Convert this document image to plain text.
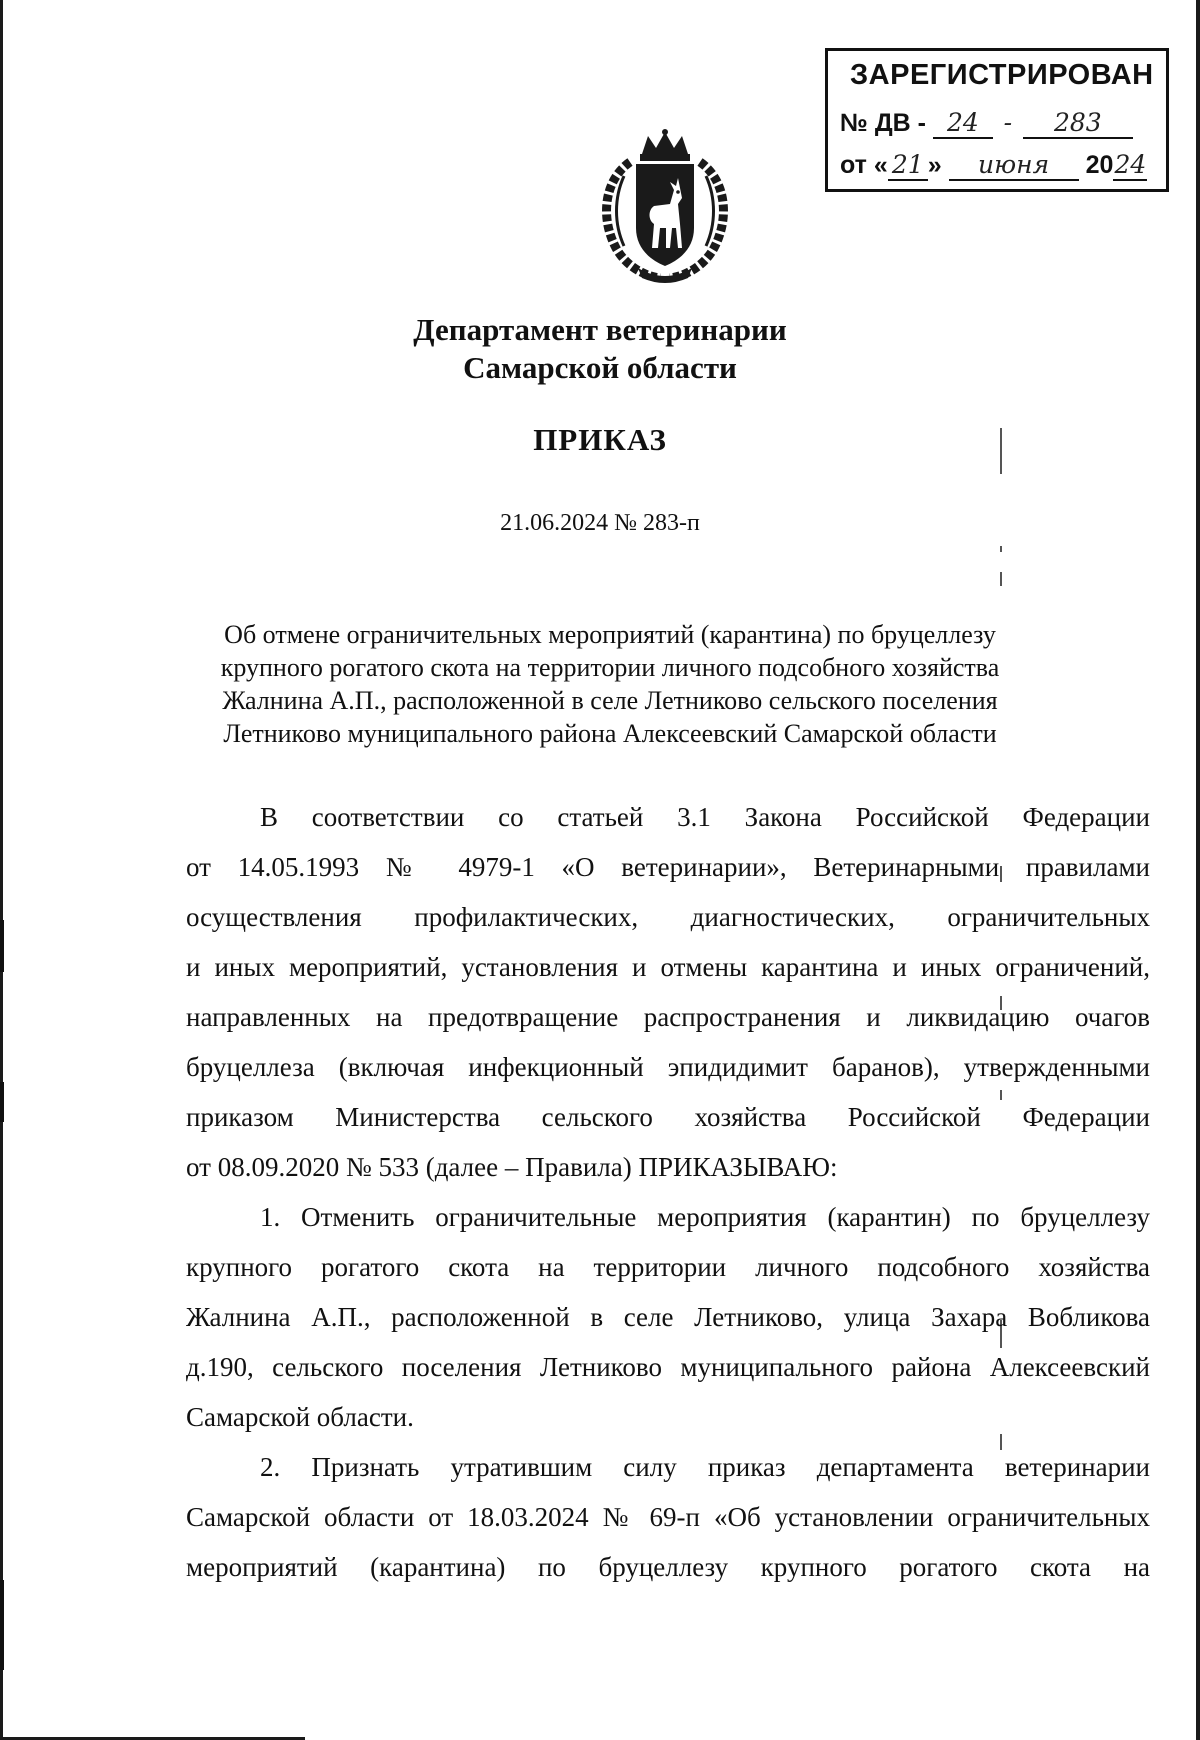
ЗАРЕГИСТРИРОВАН
№ ДВ - 24 - 283
от « 21 » июня 2024
Департамент ветеринарии
Самарской области
ПРИКАЗ
21.06.2024 № 283-п
Об отмене ограничительных мероприятий (карантина) по бруцеллезу
крупного рогатого скота на территории личного подсобного хозяйства
Жалнина А.П., расположенной в селе Летниково сельского поселения
Летниково муниципального района Алексеевский Самарской области
В соответствии со статьей 3.1 Закона Российской Федерации
от 14.05.1993 № 4979-1 «О ветеринарии», Ветеринарными правилами
осуществления профилактических, диагностических, ограничительных
и иных мероприятий, установления и отмены карантина и иных ограничений,
направленных на предотвращение распространения и ликвидацию очагов
бруцеллеза (включая инфекционный эпидидимит баранов), утвержденными
приказом Министерства сельского хозяйства Российской Федерации
от 08.09.2020 № 533 (далее – Правила) ПРИКАЗЫВАЮ:
1. Отменить ограничительные мероприятия (карантин) по бруцеллезу
крупного рогатого скота на территории личного подсобного хозяйства
Жалнина А.П., расположенной в селе Летниково, улица Захара Вобликова
д.190, сельского поселения Летниково муниципального района Алексеевский
Самарской области.
2. Признать утратившим силу приказ департамента ветеринарии
Самарской области от 18.03.2024 № 69-п «Об установлении ограничительных
мероприятий (карантина) по бруцеллезу крупного рогатого скота на
